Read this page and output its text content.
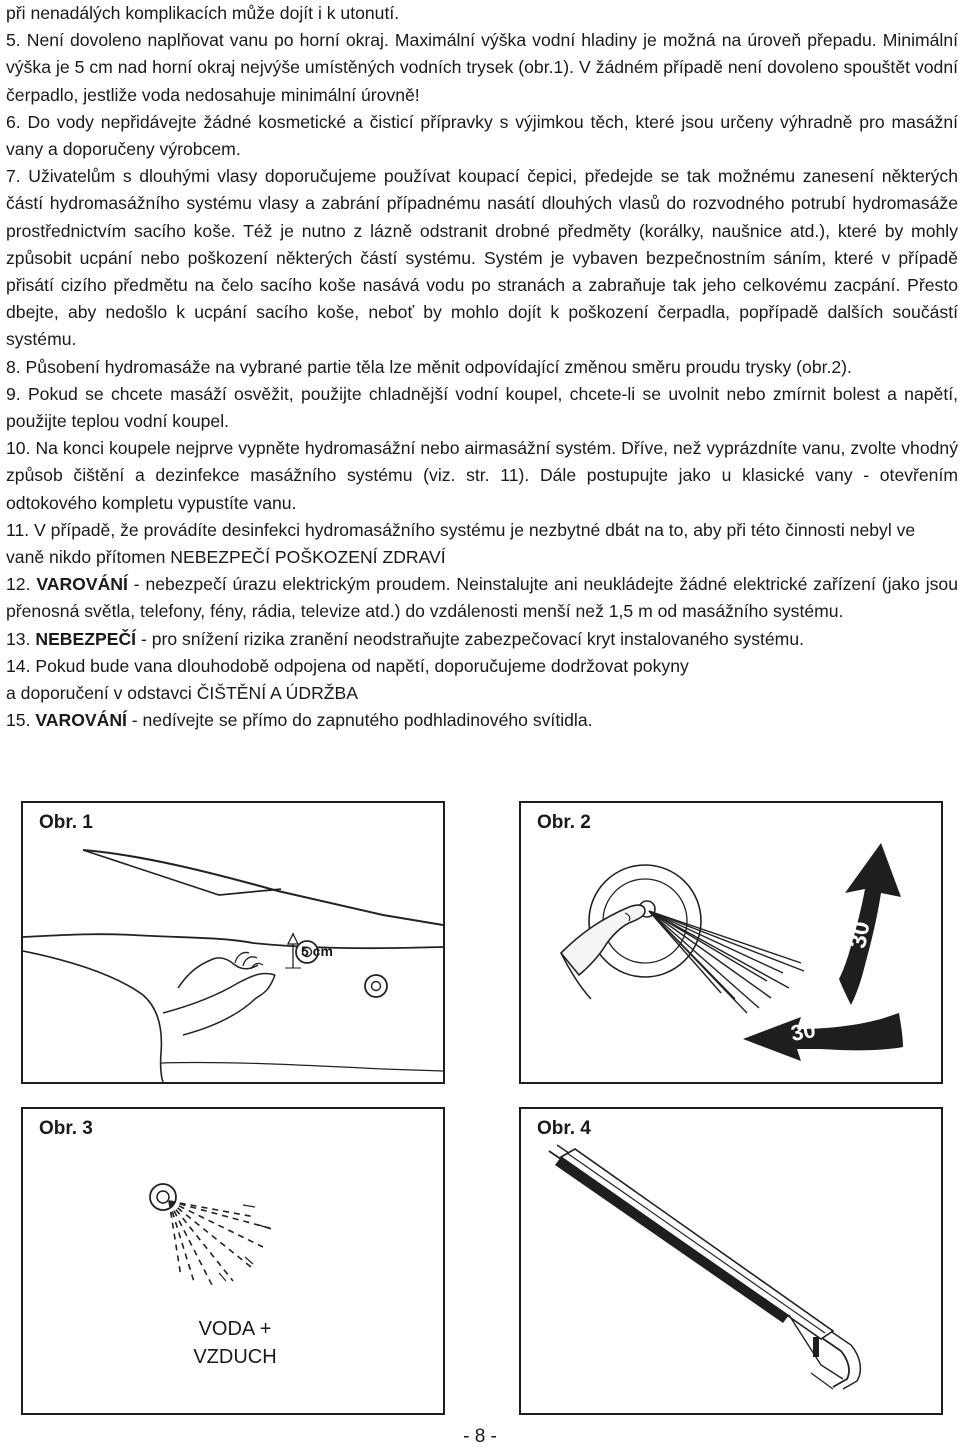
při nenadálých komplikacích může dojít i k utonutí.

5. Není dovoleno naplňovat vanu po horní okraj. Maximální výška vodní hladiny je možná na úroveň přepadu. Minimální výška je 5 cm nad horní okraj nejvýše umístěných vodních trysek (obr.1). V žádném případě není dovoleno spouštět vodní čerpadlo, jestliže voda nedosahuje minimální úrovně!

6. Do vody nepřidávejte žádné kosmetické a čisticí přípravky s výjimkou těch, které jsou určeny výhradně pro masážní vany a doporučeny výrobcem.

7. Uživatelům s dlouhými vlasy doporučujeme používat koupací čepici, předejde se tak možnému zanesení některých částí hydromasážního systému vlasy a zabrání případnému nasátí dlouhých vlasů do rozvodného potrubí hydromasáže prostřednictvím sacího koše. Též je nutno z lázně odstranit drobné předměty (korálky, naušnice atd.), které by mohly způsobit ucpání nebo poškození některých částí systému. Systém je vybaven bezpečnostním sáním, které v případě přisátí cizího předmětu na čelo sacího koše nasává vodu po stranách a zabraňuje tak jeho celkovému zacpání. Přesto dbejte, aby nedošlo k ucpání sacího koše, neboť by mohlo dojít k poškození čerpadla, popřípadě dalších součástí systému.

8. Působení hydromasáže na vybrané partie těla lze měnit odpovídající změnou směru proudu trysky (obr.2).

9. Pokud se chcete masáží osvěžit, použijte chladnější vodní koupel, chcete-li se uvolnit nebo zmírnit bolest a napětí, použijte teplou vodní koupel.

10. Na konci koupele nejprve vypněte hydromasážní nebo airmasážní systém. Dříve, než vyprázdníte vanu, zvolte vhodný způsob čištění a dezinfekce masážního systému (viz. str. 11). Dále postupujte jako u klasické vany - otevřením odtokového kompletu vypustíte vanu.

11. V případě, že provádíte desinfekci hydromasážního systému je nezbytné dbát na to, aby při této činnosti nebyl ve vaně nikdo přítomen NEBEZPEČÍ POŠKOZENÍ ZDRAVÍ

12. VAROVÁNÍ - nebezpečí úrazu elektrickým proudem. Neinstalujte ani neukládejte žádné elektrické zařízení (jako jsou přenosná světla, telefony, fény, rádia, televize atd.) do vzdálenosti menší než 1,5 m od masážního systému.

13. NEBEZPEČÍ - pro snížení rizika zranění neodstraňujte zabezpečovací kryt instalovaného systému.

14. Pokud bude vana dlouhodobě odpojena od napětí, doporučujeme dodržovat pokyny

a doporučení v odstavci ČIŠTĚNÍ A ÚDRŽBA

15. VAROVÁNÍ - nedívejte se přímo do zapnutého podhladinového svítidla.

Obr. 1
5 cm
Obr. 2
30
30
Obr. 3
VODA +
VZDUCH
Obr. 4
- 8 -
